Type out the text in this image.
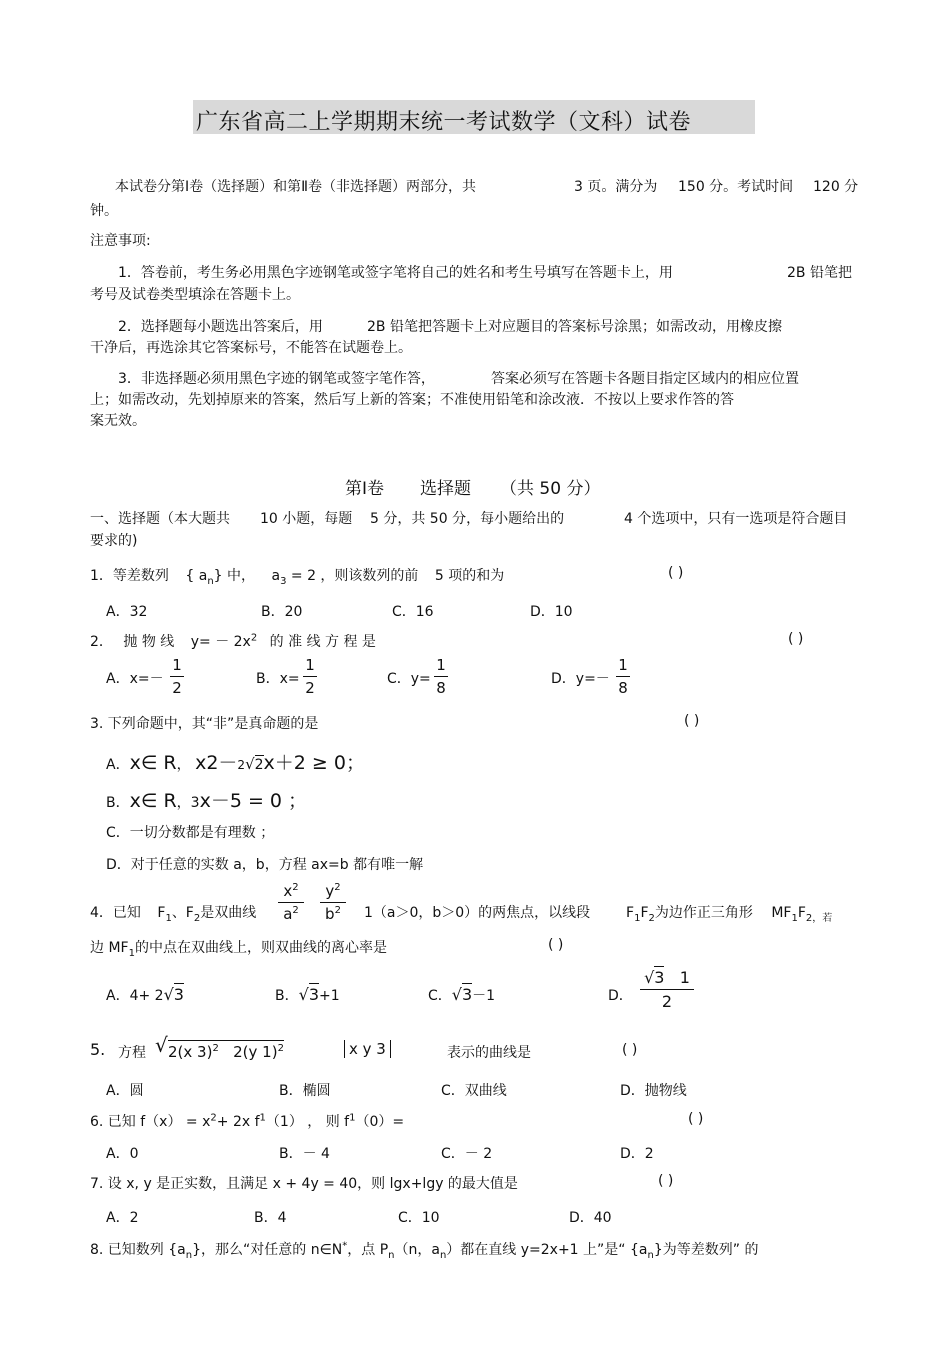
广东省高二上学期期末统一考试数学（文科）试卷
本试卷分第Ⅰ卷（选择题）和第Ⅱ卷（非选择题）两部分，共	3 页。满分为 150 分。考试时间 120 分
钟。
注意事项:
1．答卷前，考生务必用黑色字迹钢笔或签字笔将自己的姓名和考生号填写在答题卡上，用	2B 铅笔把
考号及试卷类型填涂在答题卡上。
2．选择题每小题选出答案后，用	2B 铅笔把答题卡上对应题目的答案标号涂黑；如需改动，用橡皮擦
干净后，再选涂其它答案标号，不能答在试题卷上。
3．非选择题必须用黑色字迹的钢笔或签字笔作答，	答案必须写在答题卡各题目指定区域内的相应位置
上；如需改动，先划掉原来的答案，然后写上新的答案；不准使用铅笔和涂改液．不按以上要求作答的答
案无效。
第Ⅰ卷 选择题 （共 50 分）
一、选择题（本大题共 10 小题，每题 5 分，共 50 分，每小题给出的	4 个选项中，只有一选项是符合题目
要求的)
1．等差数列 { $a_n$} 中， $a_3 = 2$ ，则该数列的前 5 项的和为	( )
A．32	B．20	C．16	D．10
2． 抛 物 线 $y= - 2x^2$ 的 准 线 方 程 是	( )
A．x=－
1
2	B．x=
1
2	C．y=
1
8	D．y=－
1
8
3. 下列命题中，其“非”是真命题的是	( )
A．x∈ R， x2－2√2x＋2 ≥ 0；
B．x∈ R，3x－5 = 0 ；
C．一切分数都是有理数 ；
D．对于任意的实数 a，b，方程 ax=b 都有唯一解
4．已知 $F_1$、$F_2$是双曲线
$x^2$
$a^2$
$y^2$
$b^2$	1（a＞0，b＞0）的两焦点，以线段	$F_1F_2$为边作正三角形 $MF_1F_{2,若}$
边 $MF_1$的中点在双曲线上，则双曲线的离心率是	( )
A．4+ 2√3	B．√3+1	C．√3－1	D．
√3 1
2
5. 方程 √ 2(x 3)$^2$ 2(y 1)$^2$	x y 3	表示的曲线是	( )
A．圆	B．椭圆	C．双曲线	D．抛物线
6. 已知 $f(x) = x^2+ 2x$ $f^1(1)$ ， 则 $f^1(0)=$	( )
A．0	B．－ 4	C．－ 2	D．2
7. 设 x, y 是正实数，且满足 x + 4y = 40，则 lgx+lgy 的最大值是	( )
A．2	B．4	C．10	D．40
8. 已知数列 $\{a_n\}$，那么“对任意的 n∈N*，点 $P_n(n$，$a_n$）都在直线 y=2x+1 上”是“ $\{a_n\}$为等差数列” 的
